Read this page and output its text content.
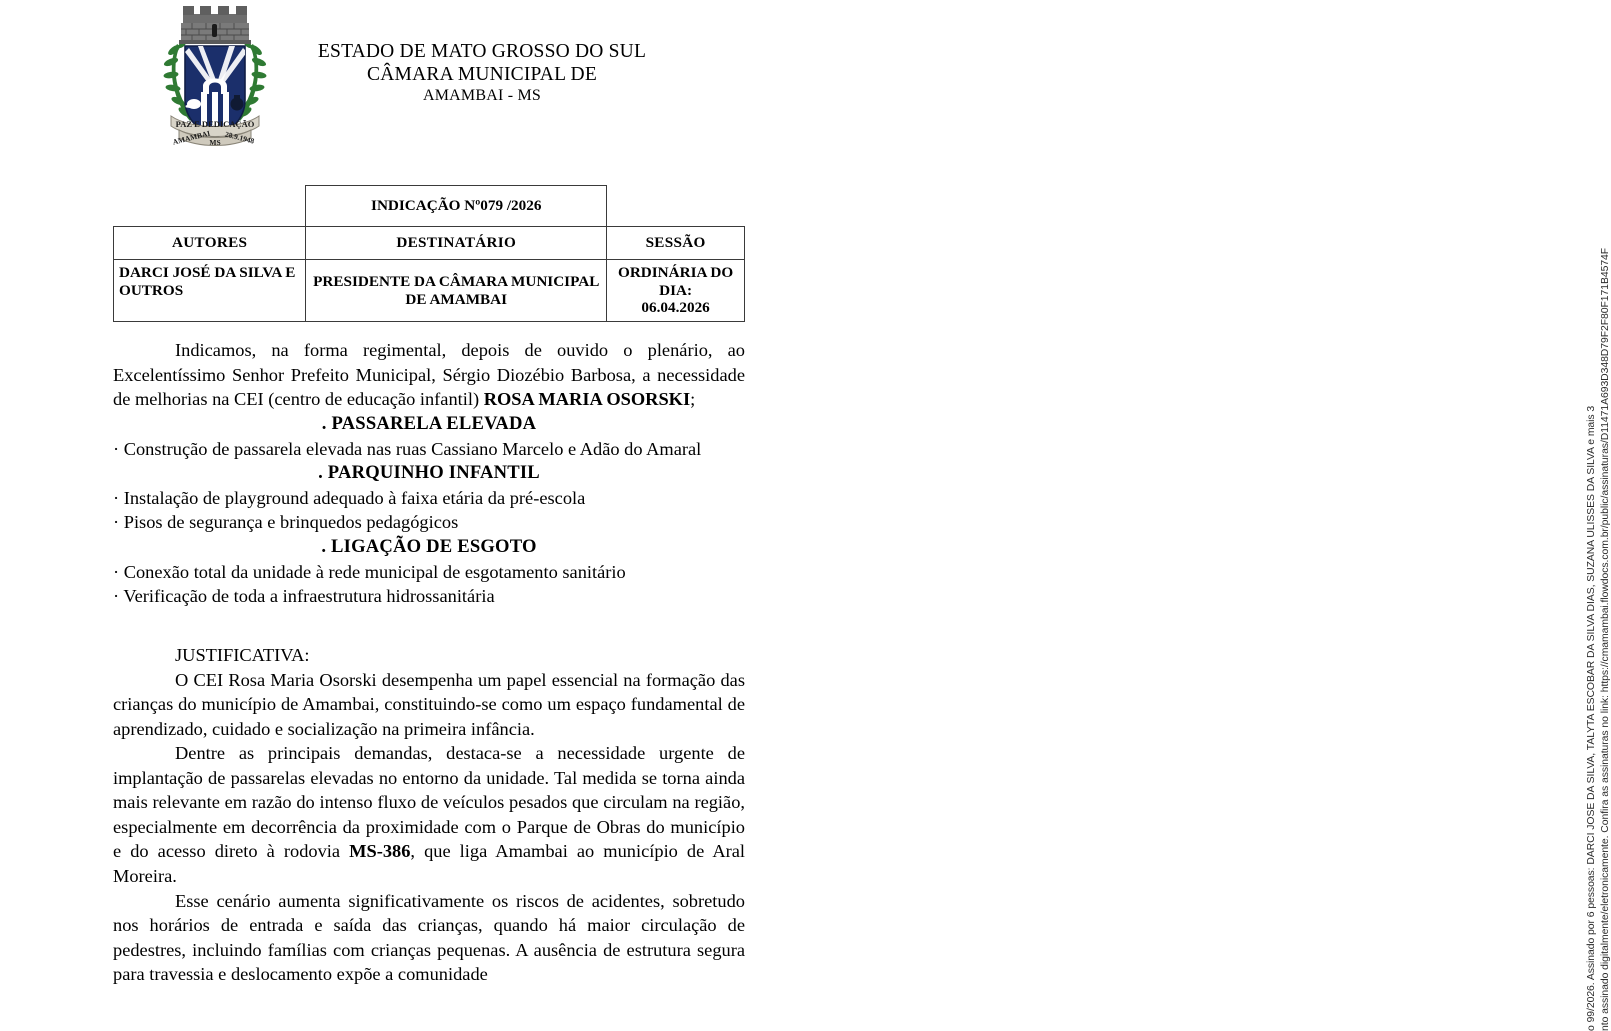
PAZ E DEDICAÇÃO
AMAMBAI
MS 28.9.1948
ESTADO DE MATO GROSSO DO SUL
CÂMARA MUNICIPAL DE
AMAMBAI - MS
	INDICAÇÃO Nº079 /2026	
AUTORES	DESTINATÁRIO	SESSÃO
DARCI JOSÉ DA SILVA E OUTROS	PRESIDENTE DA CÂMARA MUNICIPAL DE AMAMBAI	ORDINÁRIA DO DIA:
06.04.2026

Indicamos, na forma regimental, depois de ouvido o plenário, ao Excelentíssimo Senhor Prefeito Municipal, Sérgio Diozébio Barbosa, a necessidade de melhorias na CEI (centro de educação infantil) ROSA MARIA OSORSKI;

. PASSARELA ELEVADA

· Construção de passarela elevada nas ruas Cassiano Marcelo e Adão do Amaral

. PARQUINHO INFANTIL

· Instalação de playground adequado à faixa etária da pré-escola

· Pisos de segurança e brinquedos pedagógicos

. LIGAÇÃO DE ESGOTO

· Conexão total da unidade à rede municipal de esgotamento sanitário

· Verificação de toda a infraestrutura hidrossanitária

JUSTIFICATIVA:

O CEI Rosa Maria Osorski desempenha um papel essencial na formação das crianças do município de Amambai, constituindo-se como um espaço fundamental de aprendizado, cuidado e socialização na primeira infância.

Dentre as principais demandas, destaca-se a necessidade urgente de implantação de passarelas elevadas no entorno da unidade. Tal medida se torna ainda mais relevante em razão do intenso fluxo de veículos pesados que circulam na região, especialmente em decorrência da proximidade com o Parque de Obras do município e do acesso direto à rodovia MS-386, que liga Amambai ao município de Aral Moreira.

Esse cenário aumenta significativamente os riscos de acidentes, sobretudo nos horários de entrada e saída das crianças, quando há maior circulação de pedestres, incluindo famílias com crianças pequenas. A ausência de estrutura segura para travessia e deslocamento expõe a comunidade	o 99/2026. Assinado por 6 pessoas: DARCI JOSE DA SILVA, TALYTA ESCOBAR DA SILVA DIAS, SUZANA ULISSES DA SILVA e mais 3 nto assinado digitalmente/eletronicamente. Confira as assinaturas no link: https://cmamambai.flowdocs.com.br/public/assinaturas/D11471A693D348D79F2F80F171B4574F
